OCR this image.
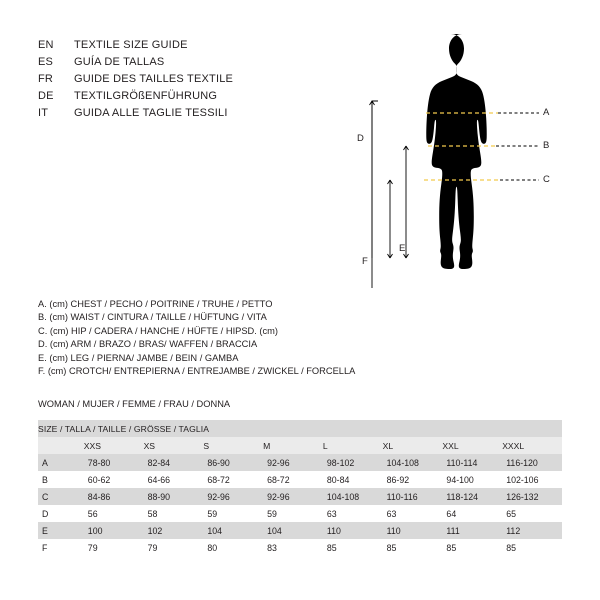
EN	TEXTILE SIZE GUIDE
ES	GUÍA DE TALLAS
FR	GUIDE DES TAILLES TEXTILE
DE	TEXTILGRÖßENFÜHRUNG
IT	GUIDA ALLE TAGLIE TESSILI	A
B
C
D
E
F
A. (cm) CHEST / PECHO / POITRINE / TRUHE / PETTO
B. (cm) WAIST / CINTURA / TAILLE / HÜFTUNG / VITA
C. (cm) HIP / CADERA / HANCHE / HÜFTE / HIPSD. (cm)
D. (cm) ARM / BRAZO / BRAS/ WAFFEN / BRACCIA
E. (cm) LEG / PIERNA/ JAMBE / BEIN / GAMBA
F. (cm) CROTCH/ ENTREPIERNA / ENTREJAMBE / ZWICKEL / FORCELLA
WOMAN / MUJER / FEMME / FRAU / DONNA
SIZE / TALLA / TAILLE / GRÖSSE / TAGLIA								
	XXS	XS	S	M	L	XL	XXL	XXXL
A	78-80	82-84	86-90	92-96	98-102	104-108	110-114	116-120
B	60-62	64-66	68-72	68-72	80-84	86-92	94-100	102-106
C	84-86	88-90	92-96	92-96	104-108	110-116	118-124	126-132
D	56	58	59	59	63	63	64	65
E	100	102	104	104	110	110	111	112
F	79	79	80	83	85	85	85	85
